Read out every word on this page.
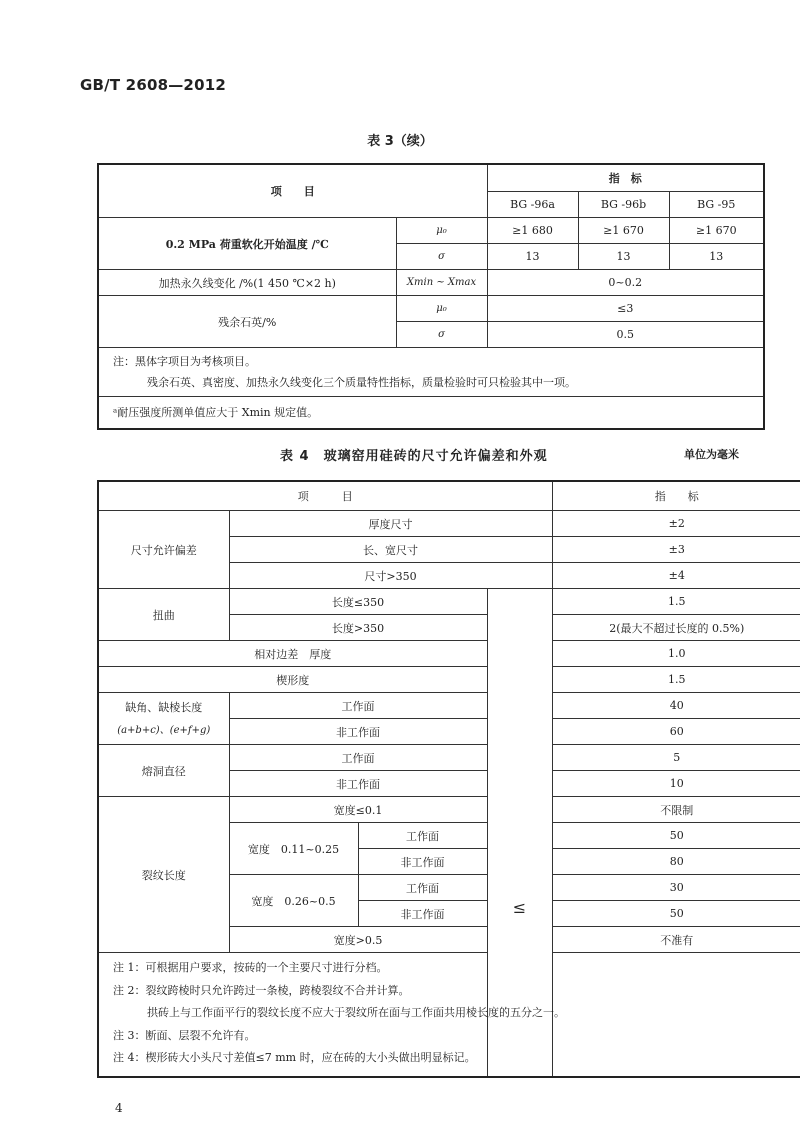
GB/T 2608—2012
表 3（续）
项　　目		指　标		
		BG -96a	BG -96b	BG -95
0.2 MPa 荷重软化开始温度 /℃	μ₀	≥1 680	≥1 670	≥1 670
	σ	13	13	13
加热永久线变化 /%(1 450 ℃×2 h)	Xmin ~ Xmax	0~0.2		
残余石英/%	μ₀	≤3		
	σ	0.5		

注：黑体字项目为考核项目。
残余石英、真密度、加热永久线变化三个质量特性指标，质量检验时可只检验其中一项。				

ᵃ耐压强度所测单值应大于 Xmin 规定值。				
表 4　玻璃窑用硅砖的尺寸允许偏差和外观	单位为毫米
项　　　目				指　　标
尺寸允许偏差	厚度尺寸			±2
	长、宽尺寸			±3
	尺寸>350			±4
扭曲	长度≤350		≤	1.5
	长度>350			2(最大不超过长度的 0.5%)
相对边差　厚度				1.0
楔形度				1.5

缺角、缺棱长度
(a+b+c)、(e+f+g)	工作面			40
	非工作面			60
熔洞直径	工作面			5
	非工作面			10
裂纹长度	宽度≤0.1			不限制
	宽度　0.11~0.25	工作面		50
		非工作面		80
	宽度　0.26~0.5	工作面		30
		非工作面		50
	宽度>0.5			不准有

注 1：可根据用户要求，按砖的一个主要尺寸进行分档。
注 2：裂纹跨棱时只允许跨过一条棱，跨棱裂纹不合并计算。
拱砖上与工作面平行的裂纹长度不应大于裂纹所在面与工作面共用棱长度的五分之一。
注 3：断面、层裂不允许有。
注 4：楔形砖大小头尺寸差值≤7 mm 时，应在砖的大小头做出明显标记。				
4
